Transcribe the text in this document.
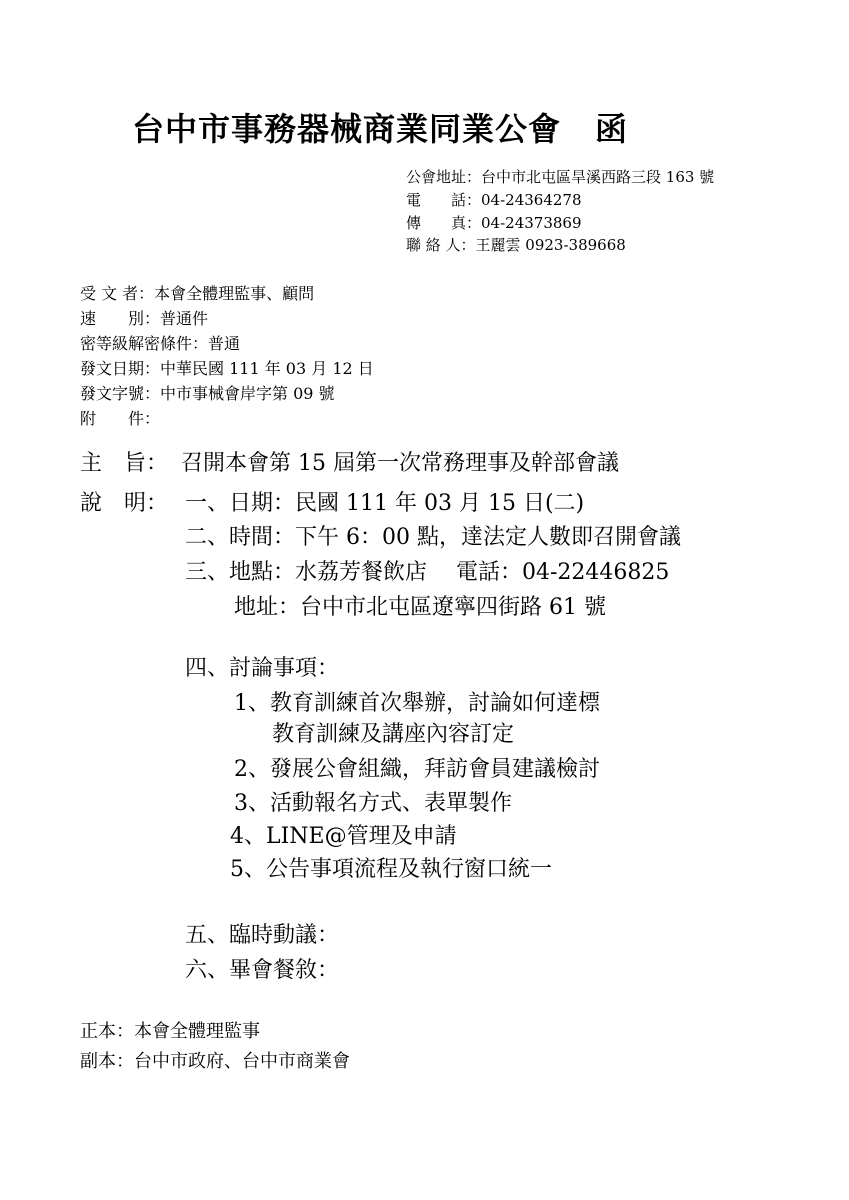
台中市事務器械商業同業公會 函
公會地址：台中市北屯區旱溪西路三段 163 號
電　　話：04-24364278
傳　　真：04-24373869
聯 絡 人：王麗雲 0923-389668
受 文 者：本會全體理監事、顧問
速　　別：普通件
密等級解密條件：普通
發文日期：中華民國 111 年 03 月 12 日
發文字號：中市事械會岸字第 09 號
附　　件：
主　旨： 召開本會第 15 屆第一次常務理事及幹部會議
說　明： 一、日期：民國 111 年 03 月 15 日(二)
二、時間：下午 6：00 點，達法定人數即召開會議
三、地點：水荔芳餐飲店　 電話：04-22446825
地址：台中市北屯區遼寧四街路 61 號
四、討論事項：
1、教育訓練首次舉辦，討論如何達標
教育訓練及講座內容訂定
2、發展公會組織，拜訪會員建議檢討
3、活動報名方式、表單製作
4、LINE@管理及申請
5、公告事項流程及執行窗口統一
五、臨時動議：
六、畢會餐敘：
正本：本會全體理監事
副本：台中市政府、台中市商業會
